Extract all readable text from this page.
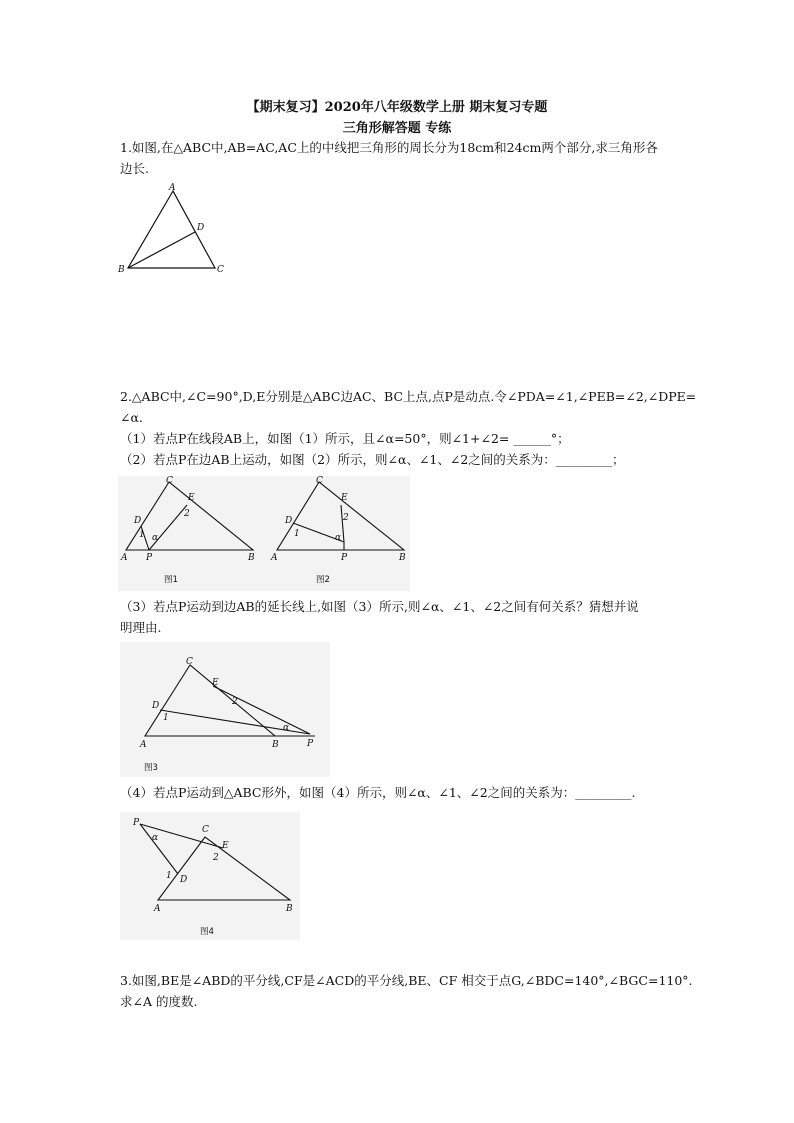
【期末复习】2020年八年级数学上册 期末复习专题
三角形解答题 专练
1.如图,在△ABC中,AB=AC,AC上的中线把三角形的周长分为18cm和24cm两个部分,求三角形各
边长.
A
B	C
D
2.△ABC中,∠C=90°,D,E分别是△ABC边AC、BC上点,点P是动点.令∠PDA=∠1,∠PEB=∠2,∠DPE=
∠α.
（1）若点P在线段AB上，如图（1）所示，且∠α=50°，则∠1+∠2= ______°；
（2）若点P在边AB上运动，如图（2）所示，则∠α、∠1、∠2之间的关系为：_________；
C
A	B
D
E
P
1
2
α
图1
C
A	B
D
E
P
1
2
α
图2
（3）若点P运动到边AB的延长线上,如图（3）所示,则∠α、∠1、∠2之间有何关系？猜想并说
明理由.
C
A	B	P
D
E
1
2
α
图3
（4）若点P运动到△ABC形外，如图（4）所示，则∠α、∠1、∠2之间的关系为：_________.
P
C
E
D
A	B
1
2
α
图4
3.如图,BE是∠ABD的平分线,CF是∠ACD的平分线,BE、CF 相交于点G,∠BDC=140°,∠BGC=110°.
求∠A 的度数.
